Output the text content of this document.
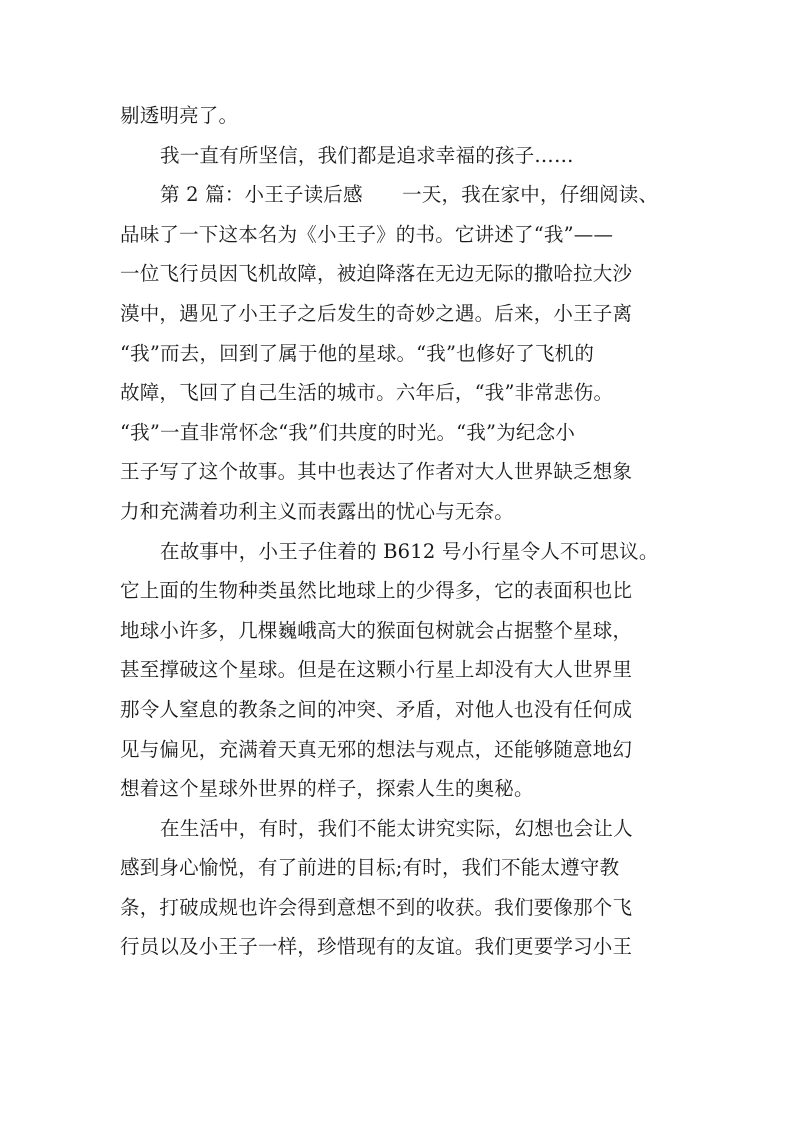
剔透明亮了。
我一直有所坚信，我们都是追求幸福的孩子……
第 2 篇：小王子读后感　　一天，我在家中，仔细阅读、
品味了一下这本名为《小王子》的书。它讲述了“我”——
一位飞行员因飞机故障，被迫降落在无边无际的撒哈拉大沙
漠中，遇见了小王子之后发生的奇妙之遇。后来，小王子离
“我”而去，回到了属于他的星球。“我”也修好了飞机的
故障，飞回了自己生活的城市。六年后，“我”非常悲伤。
“我”一直非常怀念“我”们共度的时光。“我”为纪念小
王子写了这个故事。其中也表达了作者对大人世界缺乏想象
力和充满着功利主义而表露出的忧心与无奈。
在故事中，小王子住着的 B612 号小行星令人不可思议。
它上面的生物种类虽然比地球上的少得多，它的表面积也比
地球小许多，几棵巍峨高大的猴面包树就会占据整个星球，
甚至撑破这个星球。但是在这颗小行星上却没有大人世界里
那令人窒息的教条之间的冲突、矛盾，对他人也没有任何成
见与偏见，充满着天真无邪的想法与观点，还能够随意地幻
想着这个星球外世界的样子，探索人生的奥秘。
在生活中，有时，我们不能太讲究实际，幻想也会让人
感到身心愉悦，有了前进的目标;有时，我们不能太遵守教
条，打破成规也许会得到意想不到的收获。我们要像那个飞
行员以及小王子一样，珍惜现有的友谊。我们更要学习小王
